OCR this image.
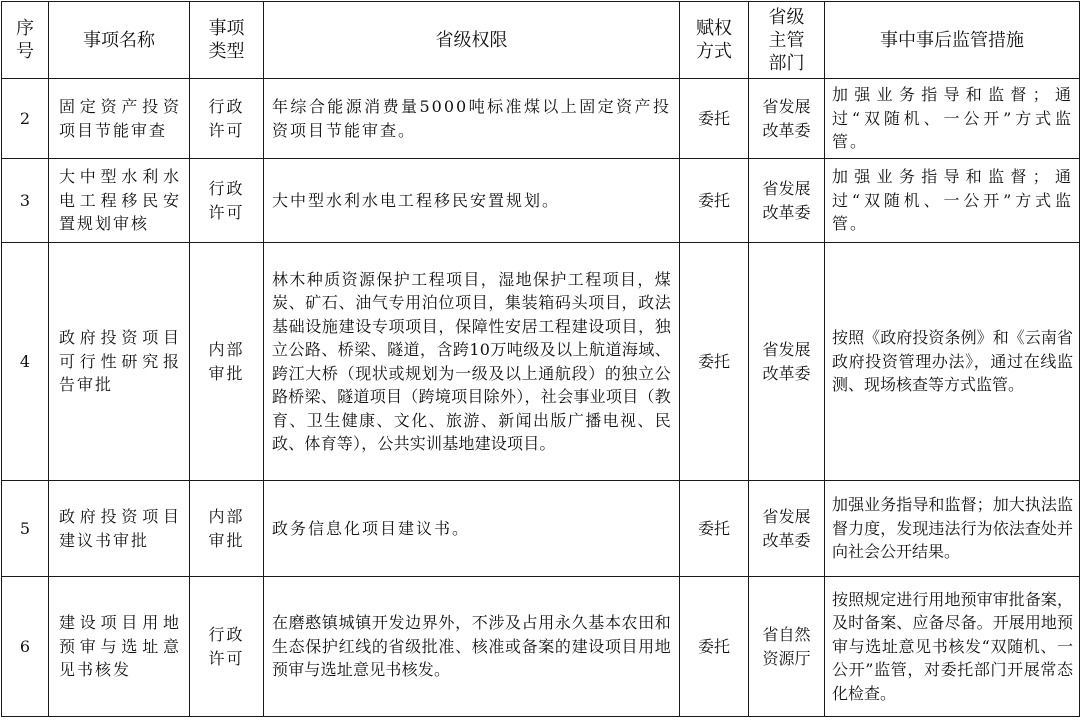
序号	事项名称	事项类型	省级权限	赋权方式	省级主管部门	事中事后监管措施
2	固定资产投资项目节能审查	行政许可	年综合能源消费量5000吨标准煤以上固定资产投资项目节能审查。	委托	省发展改革委	加强业务指导和监督；通过“双随机、一公开”方式监管。
3	大中型水利水电工程移民安置规划审核	行政许可	大中型水利水电工程移民安置规划。	委托	省发展改革委	加强业务指导和监督；通过“双随机、一公开”方式监管。
4	政府投资项目可行性研究报告审批	内部审批	林木种质资源保护工程项目，湿地保护工程项目，煤炭、矿石、油气专用泊位项目，集装箱码头项目，政法基础设施建设专项项目，保障性安居工程建设项目，独立公路、桥梁、隧道，含跨10万吨级及以上航道海域、跨江大桥（现状或规划为一级及以上通航段）的独立公路桥梁、隧道项目（跨境项目除外），社会事业项目（教育、卫生健康、文化、旅游、新闻出版广播电视、民政、体育等），公共实训基地建设项目。	委托	省发展改革委	按照《政府投资条例》和《云南省政府投资管理办法》，通过在线监测、现场核查等方式监管。
5	政府投资项目建议书审批	内部审批	政务信息化项目建议书。	委托	省发展改革委	加强业务指导和监督；加大执法监督力度，发现违法行为依法查处并向社会公开结果。
6	建设项目用地预审与选址意见书核发	行政许可	在磨憨镇城镇开发边界外，不涉及占用永久基本农田和生态保护红线的省级批准、核准或备案的建设项目用地预审与选址意见书核发。	委托	省自然资源厅	按照规定进行用地预审审批备案，及时备案、应备尽备。开展用地预审与选址意见书核发“双随机、一公开”监管，对委托部门开展常态化检查。
